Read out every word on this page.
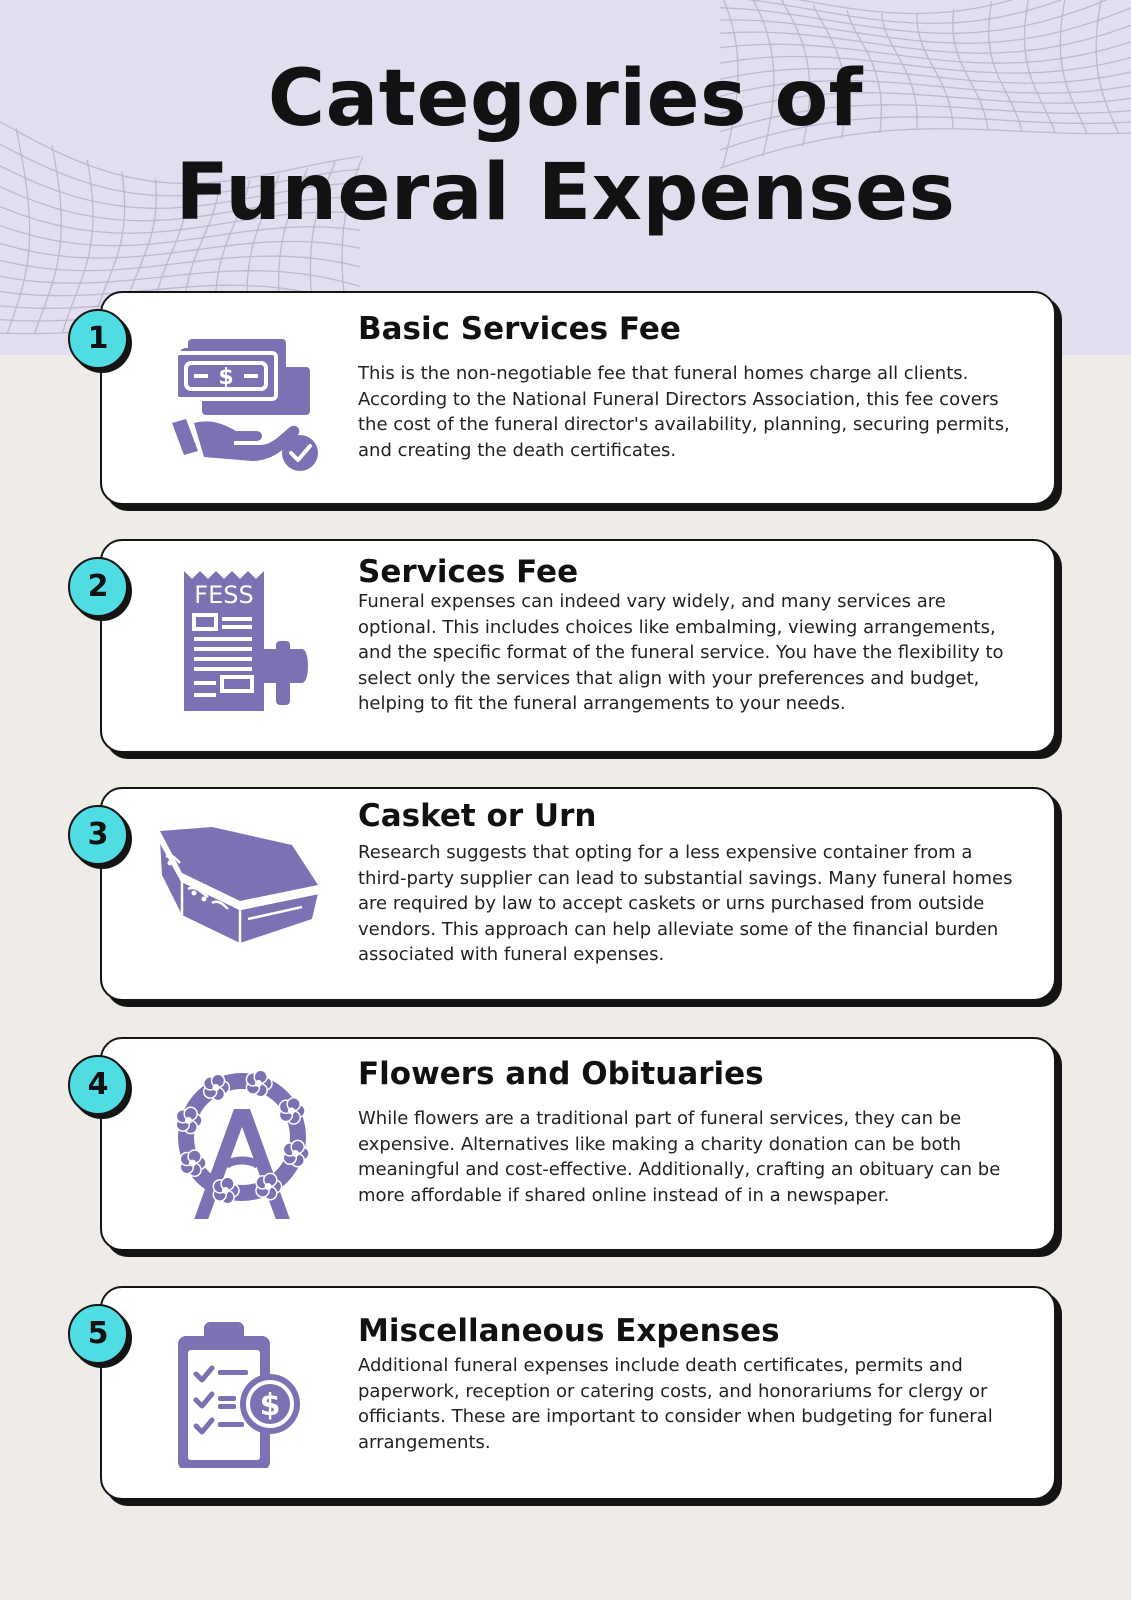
Categories of
Funeral Expenses
1
$
Basic Services Fee

This is the non-negotiable fee that funeral homes charge all clients. According to the National Funeral Directors Association, this fee covers the cost of the funeral director's availability, planning, securing permits, and creating the death certificates.

2	FESS
Services Fee

Funeral expenses can indeed vary widely, and many services are optional. This includes choices like embalming, viewing arrangements, and the specific format of the funeral service. You have the flexibility to select only the services that align with your preferences and budget, helping to fit the funeral arrangements to your needs.

3
Casket or Urn

Research suggests that opting for a less expensive container from a third-party supplier can lead to substantial savings. Many funeral homes are required by law to accept caskets or urns purchased from outside vendors. This approach can help alleviate some of the financial burden associated with funeral expenses.

4	Flowers and Obituaries

While flowers are a traditional part of funeral services, they can be expensive. Alternatives like making a charity donation can be both meaningful and cost-effective. Additionally, crafting an obituary can be more affordable if shared online instead of in a newspaper.

5
$
Miscellaneous Expenses

Additional funeral expenses include death certificates, permits and paperwork, reception or catering costs, and honorariums for clergy or officiants. These are important to consider when budgeting for funeral arrangements.
